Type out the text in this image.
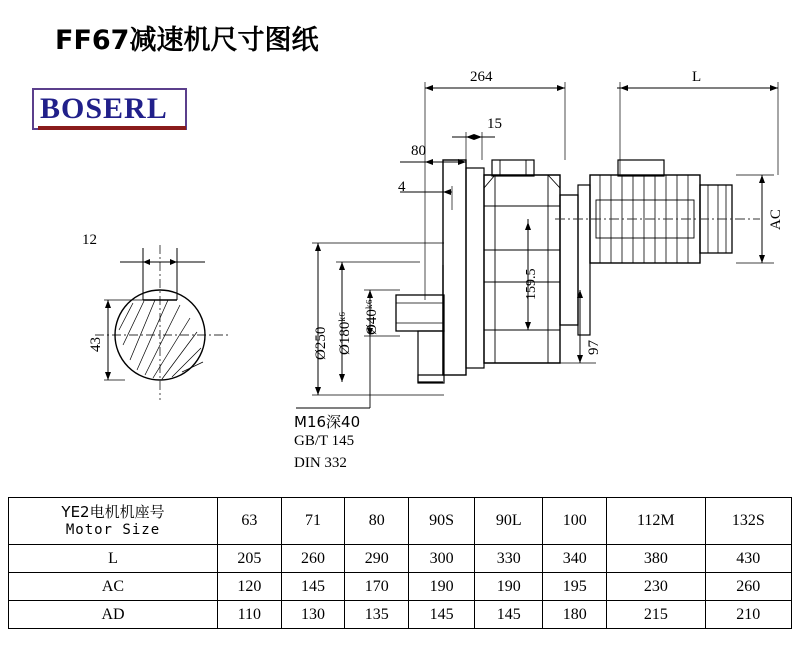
FF67减速机尺寸图纸
BOSERL
264	L
15
80
4
AC
159.5
97
Ø250 Ø180ᵏ⁶ Ø40ᵏ⁶
12
43
M16深40
GB/T 145
DIN 332
YE2电机机座号
Motor Size	63	71	80	90S	90L	100	112M	132S
L	205	260	290	300	330	340	380	430
AC	120	145	170	190	190	195	230	260
AD	110	130	135	145	145	180	215	210
